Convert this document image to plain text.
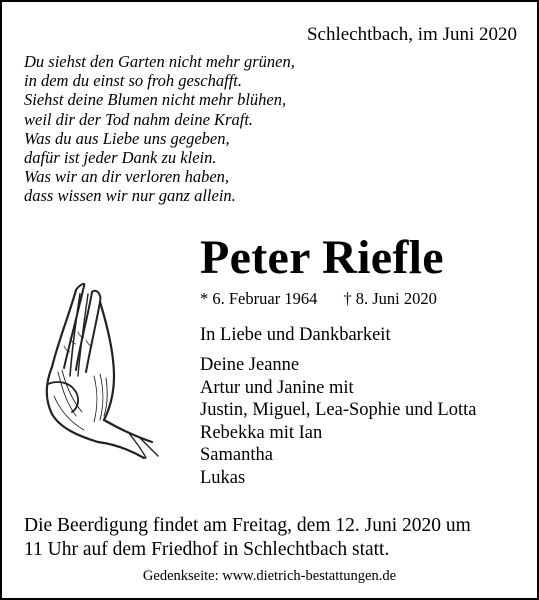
Schlechtbach, im Juni 2020
Du siehst den Garten nicht mehr grünen,
in dem du einst so froh geschafft.
Siehst deine Blumen nicht mehr blühen,
weil dir der Tod nahm deine Kraft.
Was du aus Liebe uns gegeben,
dafür ist jeder Dank zu klein.
Was wir an dir verloren haben,
dass wissen wir nur ganz allein.
Peter Riefle
* 6. Februar 1964 † 8. Juni 2020
In Liebe und Dankbarkeit
Deine Jeanne
Artur und Janine mit
Justin, Miguel, Lea-Sophie und Lotta
Rebekka mit Ian
Samantha
Lukas
Die Beerdigung findet am Freitag, dem 12. Juni 2020 um
11 Uhr auf dem Friedhof in Schlechtbach statt.
Gedenkseite: www.dietrich-bestattungen.de
